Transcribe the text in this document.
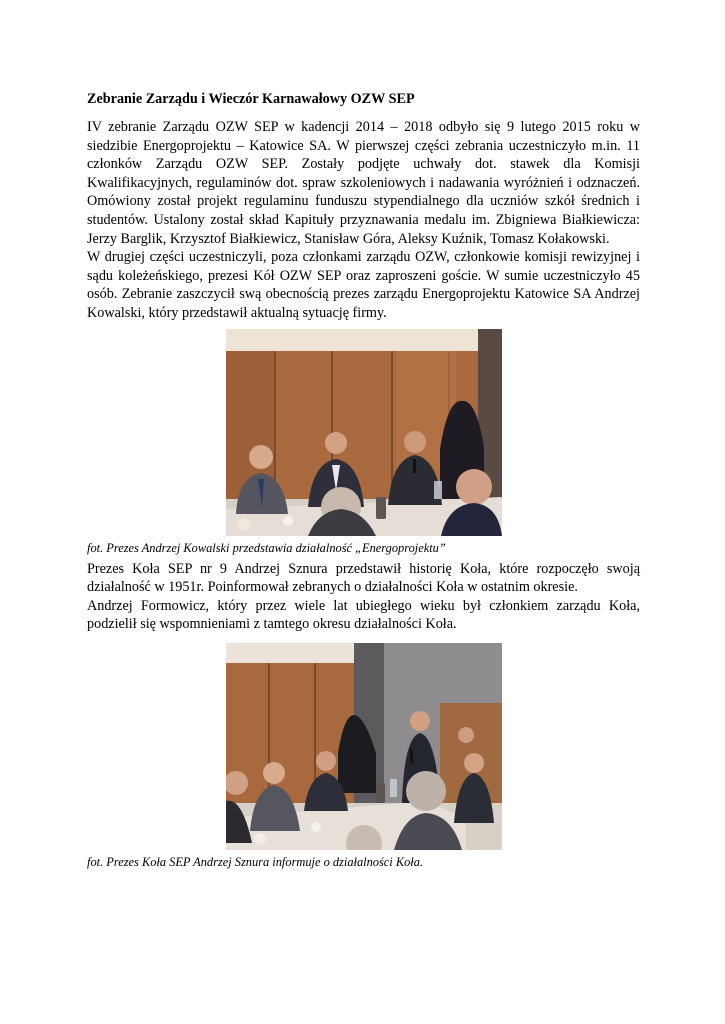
Zebranie Zarządu i Wieczór Karnawałowy OZW SEP

IV zebranie Zarządu OZW SEP w kadencji 2014 – 2018 odbyło się 9 lutego 2015 roku w siedzibie Energoprojektu – Katowice SA. W pierwszej części zebrania uczestniczyło m.in. 11 członków Zarządu OZW SEP. Zostały podjęte uchwały dot. stawek dla Komisji Kwalifikacyjnych, regulaminów dot. spraw szkoleniowych i nadawania wyróżnień i odznaczeń. Omówiony został projekt regulaminu funduszu stypendialnego dla uczniów szkół średnich i studentów. Ustalony został skład Kapituły przyznawania medalu im. Zbigniewa Białkiewicza: Jerzy Barglik, Krzysztof Białkiewicz, Stanisław Góra, Aleksy Kuźnik, Tomasz Kołakowski.

W drugiej części uczestniczyli, poza członkami zarządu OZW, członkowie komisji rewizyjnej i sądu koleżeńskiego, prezesi Kół OZW SEP oraz zaproszeni goście. W sumie uczestniczyło 45 osób. Zebranie zaszczycił swą obecnością prezes zarządu Energoprojektu Katowice SA Andrzej Kowalski, który przedstawił aktualną sytuację firmy.

fot. Prezes Andrzej Kowalski przedstawia działalność „Energoprojektu”

Prezes Koła SEP nr 9 Andrzej Sznura przedstawił historię Koła, które rozpoczęło swoją działalność w 1951r. Poinformował zebranych o działalności Koła w ostatnim okresie.

Andrzej Formowicz, który przez wiele lat ubiegłego wieku był członkiem zarządu Koła, podzielił się wspomnieniami z tamtego okresu działalności Koła.

fot. Prezes Koła SEP Andrzej Sznura informuje o działalności Koła.
